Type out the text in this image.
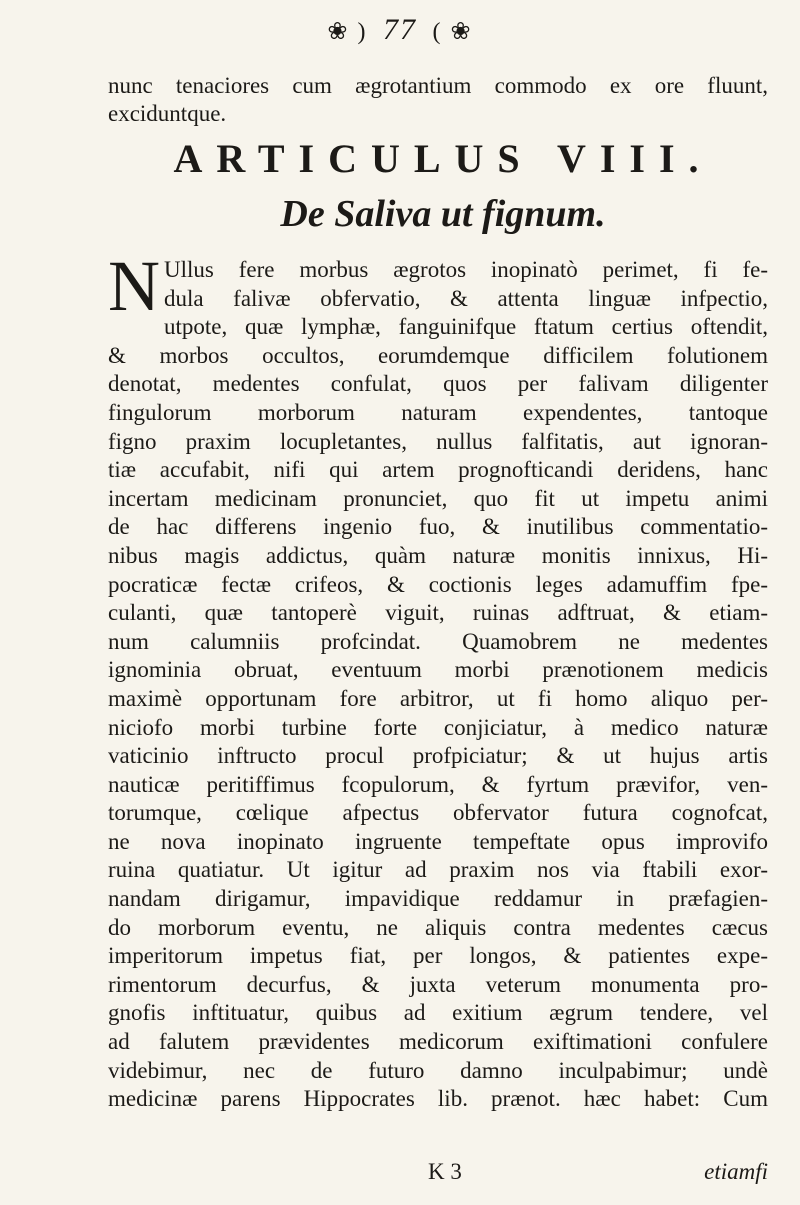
❀ ) 77 ( ❀
nunc tenaciores cum ægrotantium commodo ex ore fluunt,
exciduntque.
ARTICULUS VIII.
De Saliva ut fignum.
N Ullus fere morbus ægrotos inopinatò perimet, fi fe-
dula falivæ obfervatio, & attenta linguæ infpectio,
utpote, quæ lymphæ, fanguinifque ftatum certius oftendit,
& morbos occultos, eorumdemque difficilem folutionem
denotat, medentes confulat, quos per falivam diligenter
fingulorum morborum naturam expendentes, tantoque
figno praxim locupletantes, nullus falfitatis, aut ignoran-
tiæ accufabit, nifi qui artem prognofticandi deridens, hanc
incertam medicinam pronunciet, quo fit ut impetu animi
de hac differens ingenio fuo, & inutilibus commentatio-
nibus magis addictus, quàm naturæ monitis innixus, Hi-
pocraticæ fectæ crifeos, & coctionis leges adamuffim fpe-
culanti, quæ tantoperè viguit, ruinas adftruat, & etiam-
num calumniis profcindat. Quamobrem ne medentes
ignominia obruat, eventuum morbi prænotionem medicis
maximè opportunam fore arbitror, ut fi homo aliquo per-
niciofo morbi turbine forte conjiciatur, à medico naturæ
vaticinio inftructo procul profpiciatur; & ut hujus artis
nauticæ peritiffimus fcopulorum, & fyrtum prævifor, ven-
torumque, cœlique afpectus obfervator futura cognofcat,
ne nova inopinato ingruente tempeftate opus improvifo
ruina quatiatur. Ut igitur ad praxim nos via ftabili exor-
nandam dirigamur, impavidique reddamur in præfagien-
do morborum eventu, ne aliquis contra medentes cæcus
imperitorum impetus fiat, per longos, & patientes expe-
rimentorum decurfus, & juxta veterum monumenta pro-
gnofis inftituatur, quibus ad exitium ægrum tendere, vel
ad falutem prævidentes medicorum exiftimationi confulere
videbimur, nec de futuro damno inculpabimur; undè
medicinæ parens Hippocrates lib. prænot. hæc habet: Cum
K 3	etiamfi
